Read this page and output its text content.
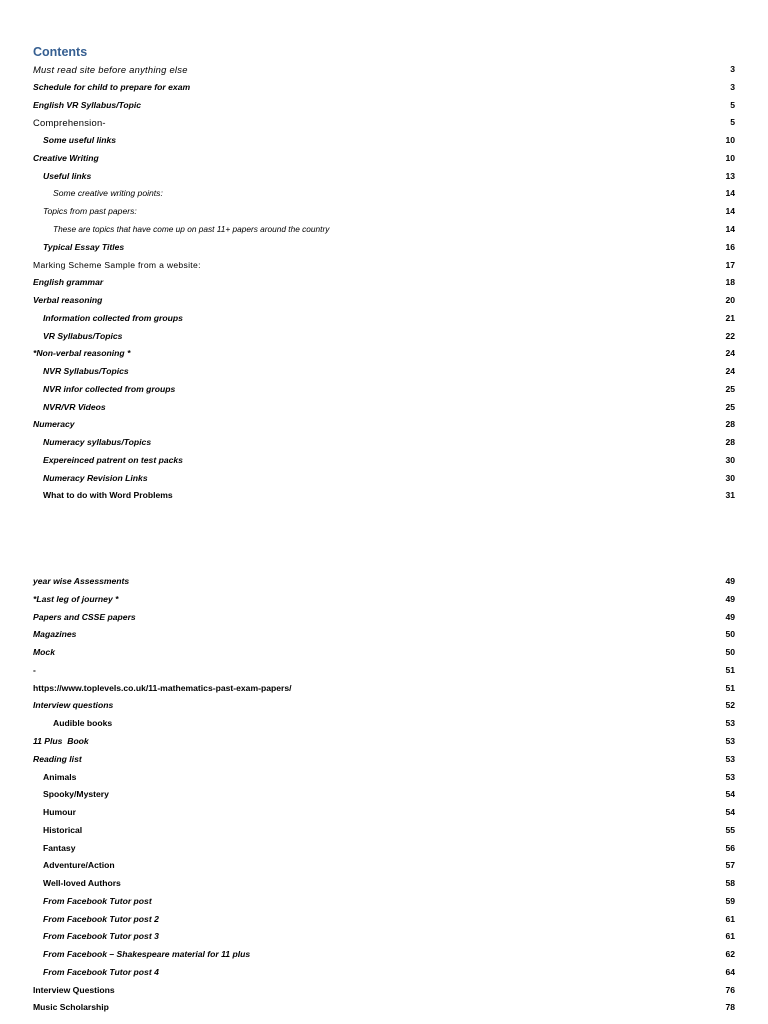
Contents
Must read site before anything else	3
Schedule for child to prepare for exam	3
English VR Syllabus/Topic	5
Comprehension-	5
Some useful links	10
Creative Writing	10
Useful links	13
Some creative writing points:	14
Topics from past papers:	14
These are topics that have come up on past 11+ papers around the country	14
Typical Essay Titles	16
Marking Scheme Sample from a website:	17
English grammar	18
Verbal reasoning	20
Information collected from groups	21
VR Syllabus/Topics	22
*Non-verbal reasoning *	24
NVR Syllabus/Topics	24
NVR infor collected from groups	25
NVR/VR Videos	25
Numeracy	28
Numeracy syllabus/Topics	28
Expereinced patrent on test packs	30
Numeracy Revision Links	30
What to do with Word Problems	31
year wise Assessments	49
*Last leg of journey *	49
Papers and CSSE papers	49
Magazines	50
Mock	50
-	51
https://www.toplevels.co.uk/11-mathematics-past-exam-papers/	51
Interview questions	52
Audible books	53
11 Plus  Book	53
Reading list	53
Animals	53
Spooky/Mystery	54
Humour	54
Historical	55
Fantasy	56
Adventure/Action	57
Well-loved Authors	58
From Facebook Tutor post	59
From Facebook Tutor post 2	61
From Facebook Tutor post 3	61
From Facebook – Shakespeare material for 11 plus	62
From Facebook Tutor post 4	64
Interview Questions	76
Music Scholarship	78
